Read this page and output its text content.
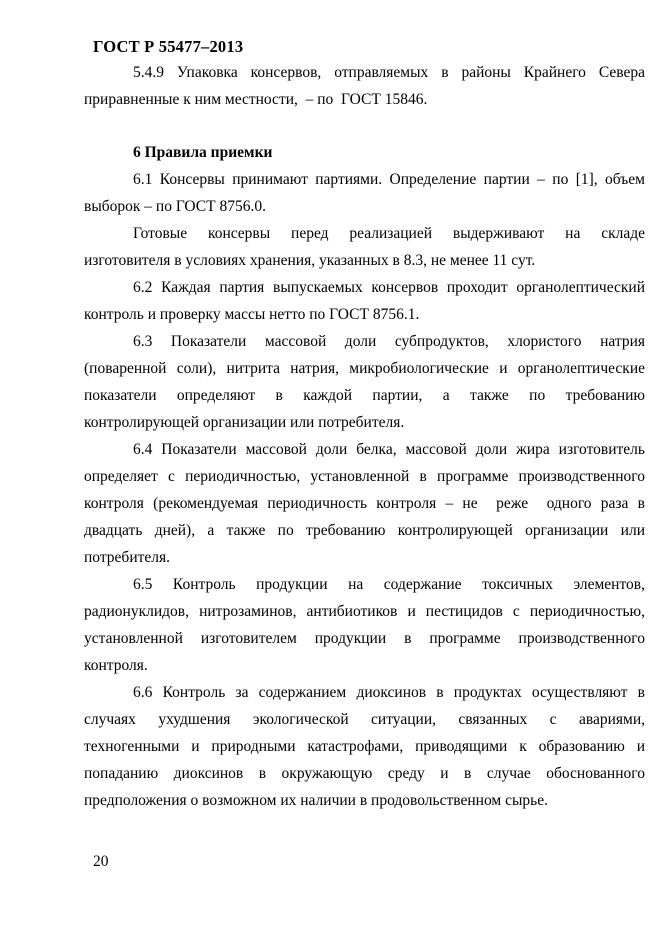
ГОСТ Р 55477–2013
5.4.9 Упаковка консервов, отправляемых в районы Крайнего Севера
приравненные к ним местности,  – по  ГОСТ 15846.
6 Правила приемки
6.1 Консервы принимают партиями. Определение партии – по [1], объем
выборок – по ГОСТ 8756.0.
Готовые консервы перед реализацией выдерживают на складе
изготовителя в условиях хранения, указанных в 8.3, не менее 11 сут.
6.2 Каждая партия выпускаемых консервов проходит органолептический
контроль и проверку массы нетто по ГОСТ 8756.1.
6.3 Показатели массовой доли субпродуктов, хлористого натрия
(поваренной соли), нитрита натрия, микробиологические и органолептические
показатели определяют в каждой партии, а также по требованию
контролирующей организации или потребителя.
6.4 Показатели массовой доли белка, массовой доли жира изготовитель
определяет с периодичностью, установленной в программе производственного
контроля (рекомендуемая периодичность контроля – не  реже  одного раза в
двадцать дней), а также по требованию контролирующей организации или
потребителя.
6.5 Контроль продукции на содержание токсичных элементов,
радионуклидов, нитрозаминов, антибиотиков и пестицидов с периодичностью,
установленной изготовителем продукции в программе производственного
контроля.
6.6 Контроль за содержанием диоксинов в продуктах осуществляют в
случаях ухудшения экологической ситуации, связанных с авариями,
техногенными и природными катастрофами, приводящими к образованию и
попаданию диоксинов в окружающую среду и в случае обоснованного
предположения о возможном их наличии в продовольственном сырье.
20
